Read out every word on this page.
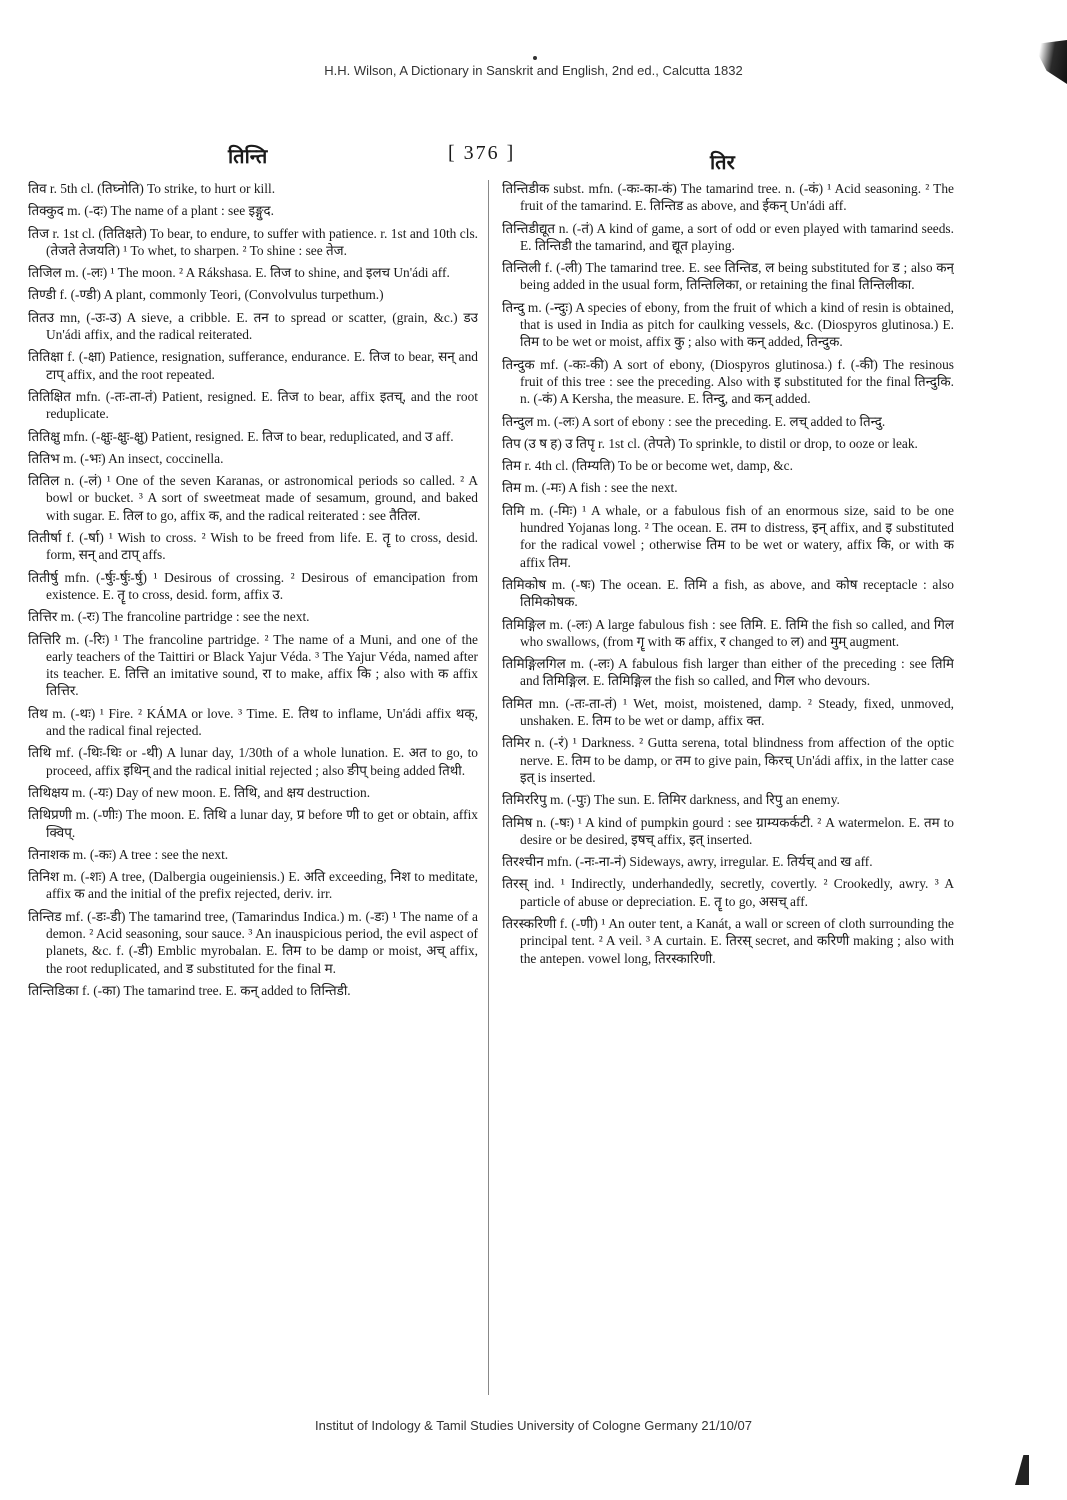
H.H. Wilson, A Dictionary in Sanskrit and English, 2nd ed., Calcutta 1832
तिन्ति	[ 376 ]	तिर

तिव r. 5th cl. (तिघ्नोति) To strike, to hurt or kill.

तिक्कुद m. (-दः) The name of a plant : see इङ्गुद.

तिज r. 1st cl. (तितिक्षते) To bear, to endure, to suffer with patience. r. 1st and 10th cls. (तेजते तेजयति) ¹ To whet, to sharpen. ² To shine : see तेज.

तिजिल m. (-लः) ¹ The moon. ² A Rákshasa. E. तिज to shine, and इलच Un'ádi aff.

तिण्डी f. (-ण्डी) A plant, commonly Teori, (Convolvulus turpethum.)

तितउ mn, (-उः-उ) A sieve, a cribble. E. तन to spread or scatter, (grain, &c.) डउ Un'ádi affix, and the radical reiterated.

तितिक्षा f. (-क्षा) Patience, resignation, sufferance, endurance. E. तिज to bear, सन् and टाप् affix, and the root repeated.

तितिक्षित mfn. (-तः-ता-तं) Patient, resigned. E. तिज to bear, affix इतच्, and the root reduplicate.

तितिक्षु mfn. (-क्षुः-क्षुः-क्षु) Patient, resigned. E. तिज to bear, reduplicated, and उ aff.

तितिभ m. (-भः) An insect, coccinella.

तितिल n. (-लं) ¹ One of the seven Karanas, or astronomical periods so called. ² A bowl or bucket. ³ A sort of sweetmeat made of sesamum, ground, and baked with sugar. E. तिल to go, affix क, and the radical reiterated : see तैतिल.

तितीर्षा f. (-र्षा) ¹ Wish to cross. ² Wish to be freed from life. E. तॄ to cross, desid. form, सन् and टाप् affs.

तितीर्षु mfn. (-र्षुः-र्षुः-र्षु) ¹ Desirous of crossing. ² Desirous of emancipation from existence. E. तॄ to cross, desid. form, affix उ.

तित्तिर m. (-रः) The francoline partridge : see the next.

तित्तिरि m. (-रिः) ¹ The francoline partridge. ² The name of a Muni, and one of the early teachers of the Taittiri or Black Yajur Véda. ³ The Yajur Véda, named after its teacher. E. तित्ति an imitative sound, रा to make, affix कि ; also with क affix तित्तिर.

तिथ m. (-थः) ¹ Fire. ² KÁMA or love. ³ Time. E. तिथ to inflame, Un'ádi affix थक्, and the radical final rejected.

तिथि mf. (-थिः-थिः or -थी) A lunar day, 1/30th of a whole lunation. E. अत to go, to proceed, affix इथिन् and the radical initial rejected ; also ङीप् being added तिथी.

तिथिक्षय m. (-यः) Day of new moon. E. तिथि, and क्षय destruction.

तिथिप्रणी m. (-णीः) The moon. E. तिथि a lunar day, प्र before णी to get or obtain, affix क्विप्.

तिनाशक m. (-कः) A tree : see the next.

तिनिश m. (-शः) A tree, (Dalbergia ougeiniensis.) E. अति exceeding, निश to meditate, affix क and the initial of the prefix rejected, deriv. irr.

तिन्तिड mf. (-डः-डी) The tamarind tree, (Tamarindus Indica.) m. (-डः) ¹ The name of a demon. ² Acid seasoning, sour sauce. ³ An inauspicious period, the evil aspect of planets, &c. f. (-डी) Emblic myrobalan. E. तिम to be damp or moist, अच् affix, the root reduplicated, and ड substituted for the final म.

तिन्तिडिका f. (-का) The tamarind tree. E. कन् added to तिन्तिडी.

तिन्तिडीक subst. mfn. (-कः-का-कं) The tamarind tree. n. (-कं) ¹ Acid seasoning. ² The fruit of the tamarind. E. तिन्तिड as above, and ईकन् Un'ádi aff.

तिन्तिडीद्यूत n. (-तं) A kind of game, a sort of odd or even played with tamarind seeds. E. तिन्तिडी the tamarind, and द्यूत playing.

तिन्तिली f. (-ली) The tamarind tree. E. see तिन्तिड, ल being substituted for ड ; also कन् being added in the usual form, तिन्तिलिका, or retaining the final तिन्तिलीका.

तिन्दु m. (-न्दुः) A species of ebony, from the fruit of which a kind of resin is obtained, that is used in India as pitch for caulking vessels, &c. (Diospyros glutinosa.) E. तिम to be wet or moist, affix कु ; also with कन् added, तिन्दुक.

तिन्दुक mf. (-कः-की) A sort of ebony, (Diospyros glutinosa.) f. (-की) The resinous fruit of this tree : see the preceding. Also with इ substituted for the final तिन्दुकि. n. (-कं) A Kersha, the measure. E. तिन्दु, and कन् added.

तिन्दुल m. (-लः) A sort of ebony : see the preceding. E. लच् added to तिन्दु.

तिप (उ ष ह) उ तिपृ r. 1st cl. (तेपते) To sprinkle, to distil or drop, to ooze or leak.

तिम r. 4th cl. (तिम्यति) To be or become wet, damp, &c.

तिम m. (-मः) A fish : see the next.

तिमि m. (-मिः) ¹ A whale, or a fabulous fish of an enormous size, said to be one hundred Yojanas long. ² The ocean. E. तम to distress, इन् affix, and इ substituted for the radical vowel ; otherwise तिम to be wet or watery, affix कि, or with क affix तिम.

तिमिकोष m. (-षः) The ocean. E. तिमि a fish, as above, and कोष receptacle : also तिमिकोषक.

तिमिङ्गिल m. (-लः) A large fabulous fish : see तिमि. E. तिमि the fish so called, and गिल who swallows, (from गॄ with क affix, र changed to ल) and मुम् augment.

तिमिङ्गिलगिल m. (-लः) A fabulous fish larger than either of the preceding : see तिमि and तिमिङ्गिल. E. तिमिङ्गिल the fish so called, and गिल who devours.

तिमित mn. (-तः-ता-तं) ¹ Wet, moist, moistened, damp. ² Steady, fixed, unmoved, unshaken. E. तिम to be wet or damp, affix क्त.

तिमिर n. (-रं) ¹ Darkness. ² Gutta serena, total blindness from affection of the optic nerve. E. तिम to be damp, or तम to give pain, किरच् Un'ádi affix, in the latter case इत् is inserted.

तिमिररिपु m. (-पुः) The sun. E. तिमिर darkness, and रिपु an enemy.

तिमिष n. (-षः) ¹ A kind of pumpkin gourd : see ग्राम्यकर्कटी. ² A watermelon. E. तम to desire or be desired, इषच् affix, इत् inserted.

तिरश्चीन mfn. (-नः-ना-नं) Sideways, awry, irregular. E. तिर्यच् and ख aff.

तिरस् ind. ¹ Indirectly, underhandedly, secretly, covertly. ² Crookedly, awry. ³ A particle of abuse or depreciation. E. तॄ to go, असच् aff.

तिरस्करिणी f. (-णी) ¹ An outer tent, a Kanát, a wall or screen of cloth surrounding the principal tent. ² A veil. ³ A curtain. E. तिरस् secret, and करिणी making ; also with the antepen. vowel long, तिरस्कारिणी.

Institut of Indology & Tamil Studies University of Cologne Germany 21/10/07
